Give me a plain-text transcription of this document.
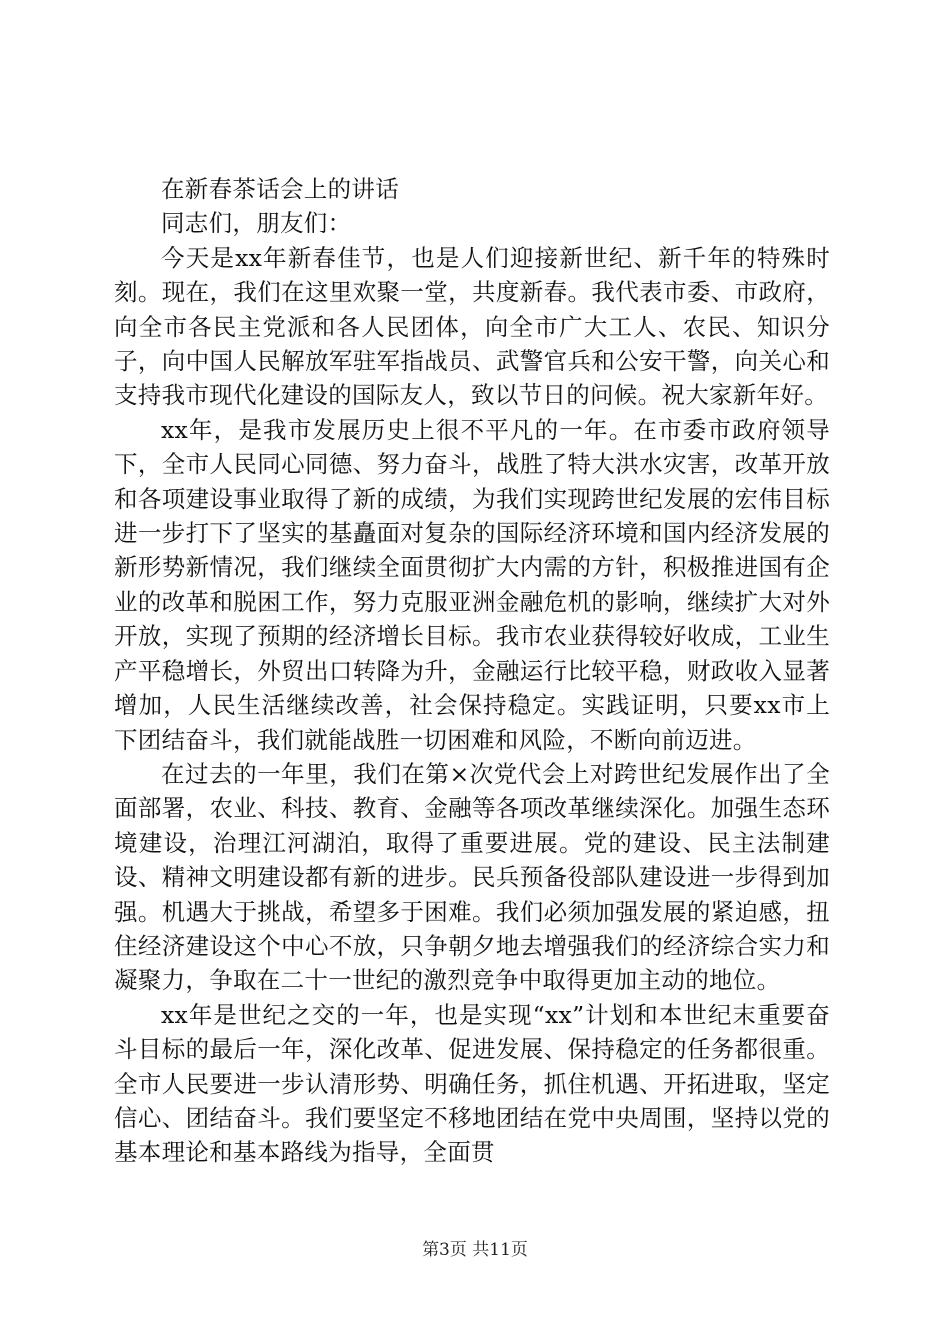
在新春茶话会上的讲话

同志们，朋友们：

今天是xx年新春佳节，也是人们迎接新世纪、新千年的特殊时刻。现在，我们在这里欢聚一堂，共度新春。我代表市委、市政府，向全市各民主党派和各人民团体，向全市广大工人、农民、知识分子，向中国人民解放军驻军指战员、武警官兵和公安干警，向关心和支持我市现代化建设的国际友人，致以节日的问候。祝大家新年好。

xx年，是我市发展历史上很不平凡的一年。在市委市政府领导下，全市人民同心同德、努力奋斗，战胜了特大洪水灾害，改革开放和各项建设事业取得了新的成绩，为我们实现跨世纪发展的宏伟目标进一步打下了坚实的基矗面对复杂的国际经济环境和国内经济发展的新形势新情况，我们继续全面贯彻扩大内需的方针，积极推进国有企业的改革和脱困工作，努力克服亚洲金融危机的影响，继续扩大对外开放，实现了预期的经济增长目标。我市农业获得较好收成，工业生产平稳增长，外贸出口转降为升，金融运行比较平稳，财政收入显著增加，人民生活继续改善，社会保持稳定。实践证明，只要xx市上下团结奋斗，我们就能战胜一切困难和风险，不断向前迈进。

在过去的一年里，我们在第×次党代会上对跨世纪发展作出了全面部署，农业、科技、教育、金融等各项改革继续深化。加强生态环境建设，治理江河湖泊，取得了重要进展。党的建设、民主法制建设、精神文明建设都有新的进步。民兵预备役部队建设进一步得到加强。机遇大于挑战，希望多于困难。我们必须加强发展的紧迫感，扭住经济建设这个中心不放，只争朝夕地去增强我们的经济综合实力和凝聚力，争取在二十一世纪的激烈竞争中取得更加主动的地位。

xx年是世纪之交的一年，也是实现“xx”计划和本世纪末重要奋斗目标的最后一年，深化改革、促进发展、保持稳定的任务都很重。全市人民要进一步认清形势、明确任务，抓住机遇、开拓进取，坚定信心、团结奋斗。我们要坚定不移地团结在党中央周围，坚持以党的基本理论和基本路线为指导，全面贯

第3页 共11页
